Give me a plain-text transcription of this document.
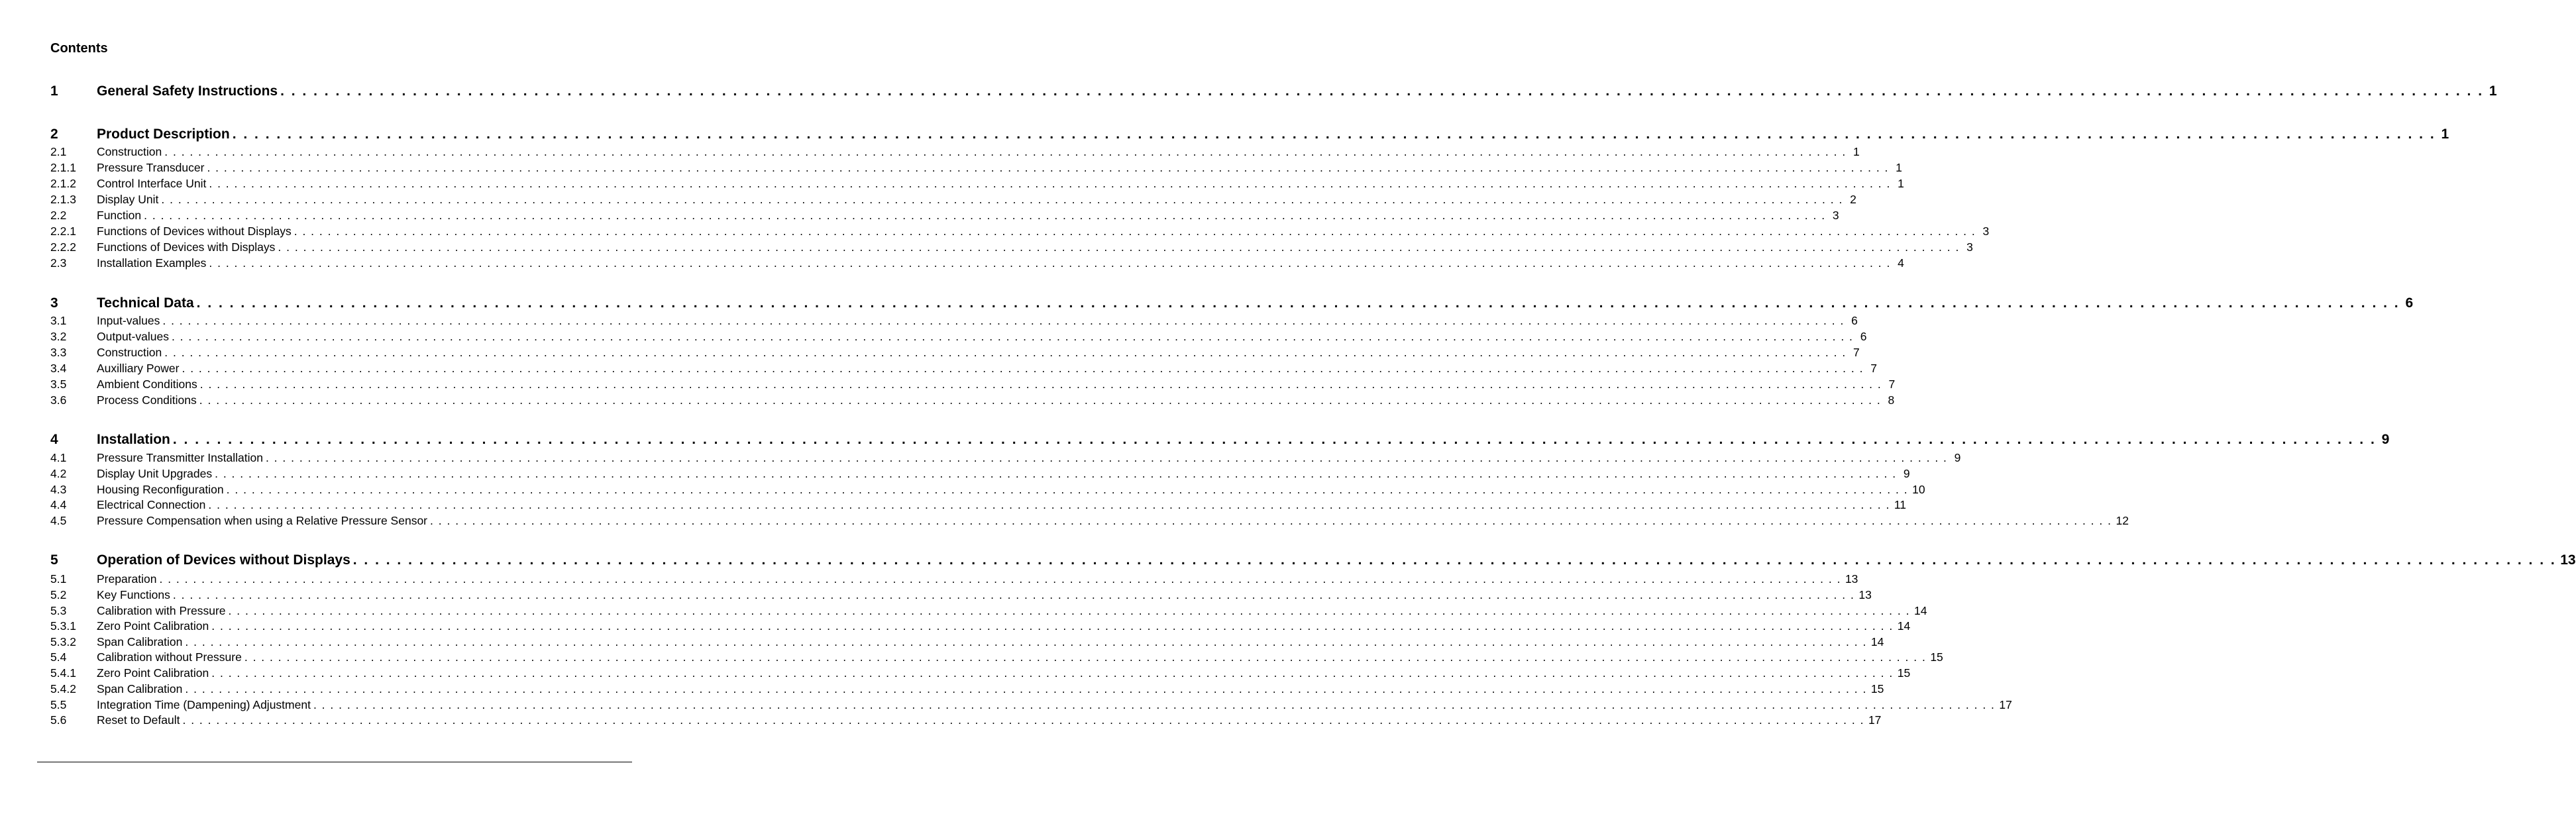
Contents
1	General Safety Instructions . . . . . . . . . . . . . . . . . . . . . . . . . . . . . . . . . . . . . . . . . . . . . . . . . . . . . . . . . . . . . . . . . . . . . . . . . . . . . . . . . . . . . . . . . . . . . . . . . . . . . . . . . . . . . . . . . . . . . . . . . . . . . . . . . . . . . . . . . . . . . . . . . . . . . . . . . . . . . . . . . . . . . . . . . . . . . . . . . . . . . . . . . . . . . . . . . . . . . . . . 1
2	Product Description . . . . . . . . . . . . . . . . . . . . . . . . . . . . . . . . . . . . . . . . . . . . . . . . . . . . . . . . . . . . . . . . . . . . . . . . . . . . . . . . . . . . . . . . . . . . . . . . . . . . . . . . . . . . . . . . . . . . . . . . . . . . . . . . . . . . . . . . . . . . . . . . . . . . . . . . . . . . . . . . . . . . . . . . . . . . . . . . . . . . . . . . . . . . . . . . . . . . . . . . 1
2.1	Construction . . . . . . . . . . . . . . . . . . . . . . . . . . . . . . . . . . . . . . . . . . . . . . . . . . . . . . . . . . . . . . . . . . . . . . . . . . . . . . . . . . . . . . . . . . . . . . . . . . . . . . . . . . . . . . . . . . . . . . . . . . . . . . . . . . . . . . . . . . . . . . . . . . . . . . . . . . . . . . . . . . . . . . . . . . . . . . . . . . . . . . . . . . . . . . . . . . . . . . . . 1
2.1.1	Pressure Transducer . . . . . . . . . . . . . . . . . . . . . . . . . . . . . . . . . . . . . . . . . . . . . . . . . . . . . . . . . . . . . . . . . . . . . . . . . . . . . . . . . . . . . . . . . . . . . . . . . . . . . . . . . . . . . . . . . . . . . . . . . . . . . . . . . . . . . . . . . . . . . . . . . . . . . . . . . . . . . . . . . . . . . . . . . . . . . . . . . . . . . . . . . . . . . . . . . . . . . . . . 1
2.1.2	Control Interface Unit . . . . . . . . . . . . . . . . . . . . . . . . . . . . . . . . . . . . . . . . . . . . . . . . . . . . . . . . . . . . . . . . . . . . . . . . . . . . . . . . . . . . . . . . . . . . . . . . . . . . . . . . . . . . . . . . . . . . . . . . . . . . . . . . . . . . . . . . . . . . . . . . . . . . . . . . . . . . . . . . . . . . . . . . . . . . . . . . . . . . . . . . . . . . . . . . . . . . . . . . 1
2.1.3	Display Unit . . . . . . . . . . . . . . . . . . . . . . . . . . . . . . . . . . . . . . . . . . . . . . . . . . . . . . . . . . . . . . . . . . . . . . . . . . . . . . . . . . . . . . . . . . . . . . . . . . . . . . . . . . . . . . . . . . . . . . . . . . . . . . . . . . . . . . . . . . . . . . . . . . . . . . . . . . . . . . . . . . . . . . . . . . . . . . . . . . . . . . . . . . . . . . . . . . . . . . . . 2
2.2	Function . . . . . . . . . . . . . . . . . . . . . . . . . . . . . . . . . . . . . . . . . . . . . . . . . . . . . . . . . . . . . . . . . . . . . . . . . . . . . . . . . . . . . . . . . . . . . . . . . . . . . . . . . . . . . . . . . . . . . . . . . . . . . . . . . . . . . . . . . . . . . . . . . . . . . . . . . . . . . . . . . . . . . . . . . . . . . . . . . . . . . . . . . . . . . . . . . . . . . . . . 3
2.2.1	Functions of Devices without Displays . . . . . . . . . . . . . . . . . . . . . . . . . . . . . . . . . . . . . . . . . . . . . . . . . . . . . . . . . . . . . . . . . . . . . . . . . . . . . . . . . . . . . . . . . . . . . . . . . . . . . . . . . . . . . . . . . . . . . . . . . . . . . . . . . . . . . . . . . . . . . . . . . . . . . . . . . . . . . . . . . . . . . . . . . . . . . . . . . . . . . . . . . . . . . . . . . . . . . . . . 3
2.2.2	Functions of Devices with Displays . . . . . . . . . . . . . . . . . . . . . . . . . . . . . . . . . . . . . . . . . . . . . . . . . . . . . . . . . . . . . . . . . . . . . . . . . . . . . . . . . . . . . . . . . . . . . . . . . . . . . . . . . . . . . . . . . . . . . . . . . . . . . . . . . . . . . . . . . . . . . . . . . . . . . . . . . . . . . . . . . . . . . . . . . . . . . . . . . . . . . . . . . . . . . . . . . . . . . . . . 3
2.3	Installation Examples . . . . . . . . . . . . . . . . . . . . . . . . . . . . . . . . . . . . . . . . . . . . . . . . . . . . . . . . . . . . . . . . . . . . . . . . . . . . . . . . . . . . . . . . . . . . . . . . . . . . . . . . . . . . . . . . . . . . . . . . . . . . . . . . . . . . . . . . . . . . . . . . . . . . . . . . . . . . . . . . . . . . . . . . . . . . . . . . . . . . . . . . . . . . . . . . . . . . . . . . 4
3	Technical Data . . . . . . . . . . . . . . . . . . . . . . . . . . . . . . . . . . . . . . . . . . . . . . . . . . . . . . . . . . . . . . . . . . . . . . . . . . . . . . . . . . . . . . . . . . . . . . . . . . . . . . . . . . . . . . . . . . . . . . . . . . . . . . . . . . . . . . . . . . . . . . . . . . . . . . . . . . . . . . . . . . . . . . . . . . . . . . . . . . . . . . . . . . . . . . . . . . . . . . . . 6
3.1	Input-values . . . . . . . . . . . . . . . . . . . . . . . . . . . . . . . . . . . . . . . . . . . . . . . . . . . . . . . . . . . . . . . . . . . . . . . . . . . . . . . . . . . . . . . . . . . . . . . . . . . . . . . . . . . . . . . . . . . . . . . . . . . . . . . . . . . . . . . . . . . . . . . . . . . . . . . . . . . . . . . . . . . . . . . . . . . . . . . . . . . . . . . . . . . . . . . . . . . . . . . . 6
3.2	Output-values . . . . . . . . . . . . . . . . . . . . . . . . . . . . . . . . . . . . . . . . . . . . . . . . . . . . . . . . . . . . . . . . . . . . . . . . . . . . . . . . . . . . . . . . . . . . . . . . . . . . . . . . . . . . . . . . . . . . . . . . . . . . . . . . . . . . . . . . . . . . . . . . . . . . . . . . . . . . . . . . . . . . . . . . . . . . . . . . . . . . . . . . . . . . . . . . . . . . . . . . 6
3.3	Construction . . . . . . . . . . . . . . . . . . . . . . . . . . . . . . . . . . . . . . . . . . . . . . . . . . . . . . . . . . . . . . . . . . . . . . . . . . . . . . . . . . . . . . . . . . . . . . . . . . . . . . . . . . . . . . . . . . . . . . . . . . . . . . . . . . . . . . . . . . . . . . . . . . . . . . . . . . . . . . . . . . . . . . . . . . . . . . . . . . . . . . . . . . . . . . . . . . . . . . . . 7
3.4	Auxilliary Power . . . . . . . . . . . . . . . . . . . . . . . . . . . . . . . . . . . . . . . . . . . . . . . . . . . . . . . . . . . . . . . . . . . . . . . . . . . . . . . . . . . . . . . . . . . . . . . . . . . . . . . . . . . . . . . . . . . . . . . . . . . . . . . . . . . . . . . . . . . . . . . . . . . . . . . . . . . . . . . . . . . . . . . . . . . . . . . . . . . . . . . . . . . . . . . . . . . . . . . . 7
3.5	Ambient Conditions . . . . . . . . . . . . . . . . . . . . . . . . . . . . . . . . . . . . . . . . . . . . . . . . . . . . . . . . . . . . . . . . . . . . . . . . . . . . . . . . . . . . . . . . . . . . . . . . . . . . . . . . . . . . . . . . . . . . . . . . . . . . . . . . . . . . . . . . . . . . . . . . . . . . . . . . . . . . . . . . . . . . . . . . . . . . . . . . . . . . . . . . . . . . . . . . . . . . . . . . 7
3.6	Process Conditions . . . . . . . . . . . . . . . . . . . . . . . . . . . . . . . . . . . . . . . . . . . . . . . . . . . . . . . . . . . . . . . . . . . . . . . . . . . . . . . . . . . . . . . . . . . . . . . . . . . . . . . . . . . . . . . . . . . . . . . . . . . . . . . . . . . . . . . . . . . . . . . . . . . . . . . . . . . . . . . . . . . . . . . . . . . . . . . . . . . . . . . . . . . . . . . . . . . . . . . . 8
4	Installation . . . . . . . . . . . . . . . . . . . . . . . . . . . . . . . . . . . . . . . . . . . . . . . . . . . . . . . . . . . . . . . . . . . . . . . . . . . . . . . . . . . . . . . . . . . . . . . . . . . . . . . . . . . . . . . . . . . . . . . . . . . . . . . . . . . . . . . . . . . . . . . . . . . . . . . . . . . . . . . . . . . . . . . . . . . . . . . . . . . . . . . . . . . . . . . . . . . . . . . . 9
4.1	Pressure Transmitter Installation . . . . . . . . . . . . . . . . . . . . . . . . . . . . . . . . . . . . . . . . . . . . . . . . . . . . . . . . . . . . . . . . . . . . . . . . . . . . . . . . . . . . . . . . . . . . . . . . . . . . . . . . . . . . . . . . . . . . . . . . . . . . . . . . . . . . . . . . . . . . . . . . . . . . . . . . . . . . . . . . . . . . . . . . . . . . . . . . . . . . . . . . . . . . . . . . . . . . . . . . 9
4.2	Display Unit Upgrades . . . . . . . . . . . . . . . . . . . . . . . . . . . . . . . . . . . . . . . . . . . . . . . . . . . . . . . . . . . . . . . . . . . . . . . . . . . . . . . . . . . . . . . . . . . . . . . . . . . . . . . . . . . . . . . . . . . . . . . . . . . . . . . . . . . . . . . . . . . . . . . . . . . . . . . . . . . . . . . . . . . . . . . . . . . . . . . . . . . . . . . . . . . . . . . . . . . . . . . . 9
4.3	Housing Reconfiguration . . . . . . . . . . . . . . . . . . . . . . . . . . . . . . . . . . . . . . . . . . . . . . . . . . . . . . . . . . . . . . . . . . . . . . . . . . . . . . . . . . . . . . . . . . . . . . . . . . . . . . . . . . . . . . . . . . . . . . . . . . . . . . . . . . . . . . . . . . . . . . . . . . . . . . . . . . . . . . . . . . . . . . . . . . . . . . . . . . . . . . . . . . . . . . . . . . . . . . . . 10
4.4	Electrical Connection . . . . . . . . . . . . . . . . . . . . . . . . . . . . . . . . . . . . . . . . . . . . . . . . . . . . . . . . . . . . . . . . . . . . . . . . . . . . . . . . . . . . . . . . . . . . . . . . . . . . . . . . . . . . . . . . . . . . . . . . . . . . . . . . . . . . . . . . . . . . . . . . . . . . . . . . . . . . . . . . . . . . . . . . . . . . . . . . . . . . . . . . . . . . . . . . . . . . . . . . 11
4.5	Pressure Compensation when using a Relative Pressure Sensor . . . . . . . . . . . . . . . . . . . . . . . . . . . . . . . . . . . . . . . . . . . . . . . . . . . . . . . . . . . . . . . . . . . . . . . . . . . . . . . . . . . . . . . . . . . . . . . . . . . . . . . . . . . . . . . . . . . . . . . . . . . . . . . . . . . . . . . . . . . . . . . . . . . . . . . . . . . . . . . . . . . . . . . . . . . . . . . . . . . . . . . . . . . . . . . . . . . . . . . . 12
5	Operation of Devices without Displays . . . . . . . . . . . . . . . . . . . . . . . . . . . . . . . . . . . . . . . . . . . . . . . . . . . . . . . . . . . . . . . . . . . . . . . . . . . . . . . . . . . . . . . . . . . . . . . . . . . . . . . . . . . . . . . . . . . . . . . . . . . . . . . . . . . . . . . . . . . . . . . . . . . . . . . . . . . . . . . . . . . . . . . . . . . . . . . . . . . . . . . . . . . . . . . . . . . . . . . . 13
5.1	Preparation . . . . . . . . . . . . . . . . . . . . . . . . . . . . . . . . . . . . . . . . . . . . . . . . . . . . . . . . . . . . . . . . . . . . . . . . . . . . . . . . . . . . . . . . . . . . . . . . . . . . . . . . . . . . . . . . . . . . . . . . . . . . . . . . . . . . . . . . . . . . . . . . . . . . . . . . . . . . . . . . . . . . . . . . . . . . . . . . . . . . . . . . . . . . . . . . . . . . . . . . 13
5.2	Key Functions . . . . . . . . . . . . . . . . . . . . . . . . . . . . . . . . . . . . . . . . . . . . . . . . . . . . . . . . . . . . . . . . . . . . . . . . . . . . . . . . . . . . . . . . . . . . . . . . . . . . . . . . . . . . . . . . . . . . . . . . . . . . . . . . . . . . . . . . . . . . . . . . . . . . . . . . . . . . . . . . . . . . . . . . . . . . . . . . . . . . . . . . . . . . . . . . . . . . . . . . 13
5.3	Calibration with Pressure . . . . . . . . . . . . . . . . . . . . . . . . . . . . . . . . . . . . . . . . . . . . . . . . . . . . . . . . . . . . . . . . . . . . . . . . . . . . . . . . . . . . . . . . . . . . . . . . . . . . . . . . . . . . . . . . . . . . . . . . . . . . . . . . . . . . . . . . . . . . . . . . . . . . . . . . . . . . . . . . . . . . . . . . . . . . . . . . . . . . . . . . . . . . . . . . . . . . . . . . 14
5.3.1	Zero Point Calibration . . . . . . . . . . . . . . . . . . . . . . . . . . . . . . . . . . . . . . . . . . . . . . . . . . . . . . . . . . . . . . . . . . . . . . . . . . . . . . . . . . . . . . . . . . . . . . . . . . . . . . . . . . . . . . . . . . . . . . . . . . . . . . . . . . . . . . . . . . . . . . . . . . . . . . . . . . . . . . . . . . . . . . . . . . . . . . . . . . . . . . . . . . . . . . . . . . . . . . . . 14
5.3.2	Span Calibration . . . . . . . . . . . . . . . . . . . . . . . . . . . . . . . . . . . . . . . . . . . . . . . . . . . . . . . . . . . . . . . . . . . . . . . . . . . . . . . . . . . . . . . . . . . . . . . . . . . . . . . . . . . . . . . . . . . . . . . . . . . . . . . . . . . . . . . . . . . . . . . . . . . . . . . . . . . . . . . . . . . . . . . . . . . . . . . . . . . . . . . . . . . . . . . . . . . . . . . . 14
5.4	Calibration without Pressure . . . . . . . . . . . . . . . . . . . . . . . . . . . . . . . . . . . . . . . . . . . . . . . . . . . . . . . . . . . . . . . . . . . . . . . . . . . . . . . . . . . . . . . . . . . . . . . . . . . . . . . . . . . . . . . . . . . . . . . . . . . . . . . . . . . . . . . . . . . . . . . . . . . . . . . . . . . . . . . . . . . . . . . . . . . . . . . . . . . . . . . . . . . . . . . . . . . . . . . . 15
5.4.1	Zero Point Calibration . . . . . . . . . . . . . . . . . . . . . . . . . . . . . . . . . . . . . . . . . . . . . . . . . . . . . . . . . . . . . . . . . . . . . . . . . . . . . . . . . . . . . . . . . . . . . . . . . . . . . . . . . . . . . . . . . . . . . . . . . . . . . . . . . . . . . . . . . . . . . . . . . . . . . . . . . . . . . . . . . . . . . . . . . . . . . . . . . . . . . . . . . . . . . . . . . . . . . . . . 15
5.4.2	Span Calibration . . . . . . . . . . . . . . . . . . . . . . . . . . . . . . . . . . . . . . . . . . . . . . . . . . . . . . . . . . . . . . . . . . . . . . . . . . . . . . . . . . . . . . . . . . . . . . . . . . . . . . . . . . . . . . . . . . . . . . . . . . . . . . . . . . . . . . . . . . . . . . . . . . . . . . . . . . . . . . . . . . . . . . . . . . . . . . . . . . . . . . . . . . . . . . . . . . . . . . . . 15
5.5	Integration Time (Dampening) Adjustment . . . . . . . . . . . . . . . . . . . . . . . . . . . . . . . . . . . . . . . . . . . . . . . . . . . . . . . . . . . . . . . . . . . . . . . . . . . . . . . . . . . . . . . . . . . . . . . . . . . . . . . . . . . . . . . . . . . . . . . . . . . . . . . . . . . . . . . . . . . . . . . . . . . . . . . . . . . . . . . . . . . . . . . . . . . . . . . . . . . . . . . . . . . . . . . . . . . . . . . . 17
5.6	Reset to Default . . . . . . . . . . . . . . . . . . . . . . . . . . . . . . . . . . . . . . . . . . . . . . . . . . . . . . . . . . . . . . . . . . . . . . . . . . . . . . . . . . . . . . . . . . . . . . . . . . . . . . . . . . . . . . . . . . . . . . . . . . . . . . . . . . . . . . . . . . . . . . . . . . . . . . . . . . . . . . . . . . . . . . . . . . . . . . . . . . . . . . . . . . . . . . . . . . . . . . . . 17
